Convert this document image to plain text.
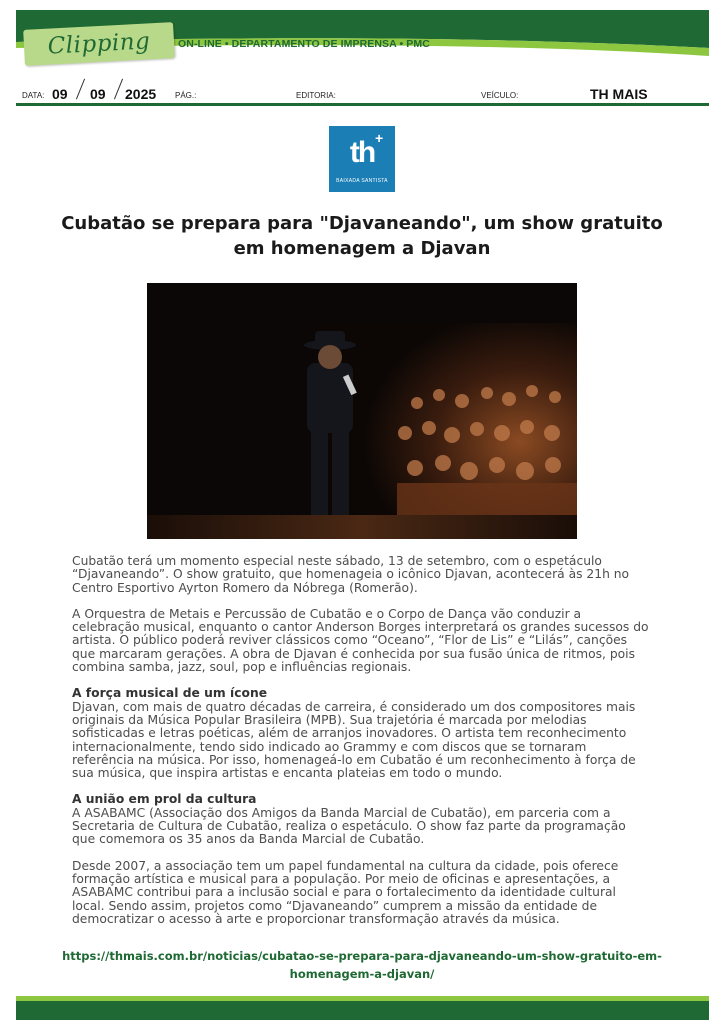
Clipping	ON-LINE • DEPARTAMENTO DE IMPRENSA • PMC
DATA: 09 09 2025 PÁG.:	EDITORIA:	VEÍCULO:	TH MAIS
th +
BAIXADA SANTISTA
Cubatão se prepara para "Djavaneando", um show gratuito em homenagem a Djavan

Cubatão terá um momento especial neste sábado, 13 de setembro, com o espetáculo “Djavaneando”. O show gratuito, que homenageia o icônico Djavan, acontecerá às 21h no Centro Esportivo Ayrton Romero da Nóbrega (Romerão).

A Orquestra de Metais e Percussão de Cubatão e o Corpo de Dança vão conduzir a celebração musical, enquanto o cantor Anderson Borges interpretará os grandes sucessos do artista. O público poderá reviver clássicos como “Oceano”, “Flor de Lis” e “Lilás”, canções que marcaram gerações. A obra de Djavan é conhecida por sua fusão única de ritmos, pois combina samba, jazz, soul, pop e influências regionais.

A força musical de um ícone

Djavan, com mais de quatro décadas de carreira, é considerado um dos compositores mais originais da Música Popular Brasileira (MPB). Sua trajetória é marcada por melodias sofisticadas e letras poéticas, além de arranjos inovadores. O artista tem reconhecimento internacionalmente, tendo sido indicado ao Grammy e com discos que se tornaram referência na música. Por isso, homenageá-lo em Cubatão é um reconhecimento à força de sua música, que inspira artistas e encanta plateias em todo o mundo.

A união em prol da cultura

A ASABAMC (Associação dos Amigos da Banda Marcial de Cubatão), em parceria com a Secretaria de Cultura de Cubatão, realiza o espetáculo. O show faz parte da programação que comemora os 35 anos da Banda Marcial de Cubatão.

Desde 2007, a associação tem um papel fundamental na cultura da cidade, pois oferece formação artística e musical para a população. Por meio de oficinas e apresentações, a ASABAMC contribui para a inclusão social e para o fortalecimento da identidade cultural local. Sendo assim, projetos como “Djavaneando” cumprem a missão da entidade de democratizar o acesso à arte e proporcionar transformação através da música.

https://thmais.com.br/noticias/cubatao-se-prepara-para-djavaneando-um-show-gratuito-em-homenagem-a-djavan/
